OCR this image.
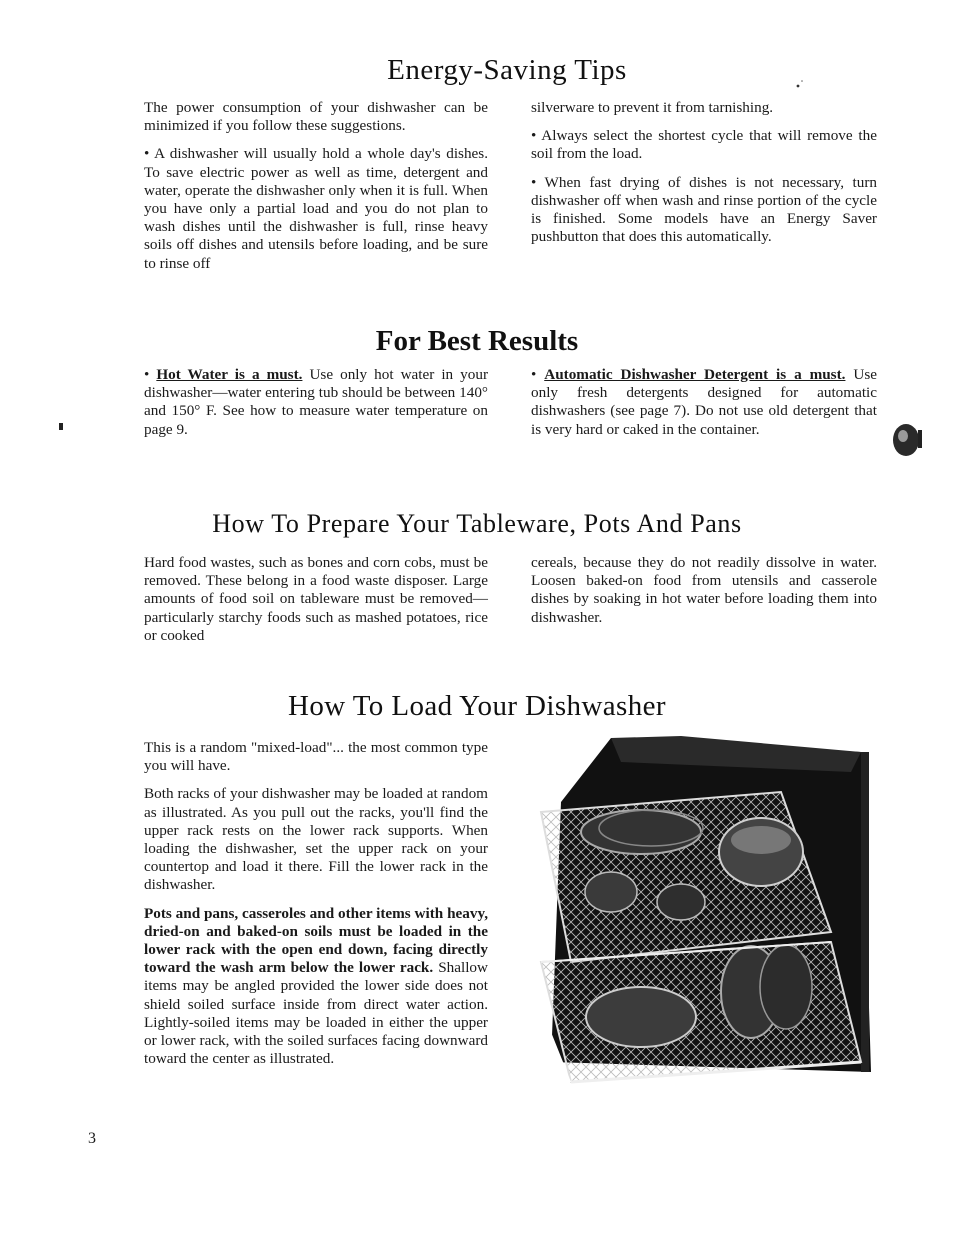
Energy-Saving Tips

The power consumption of your dishwasher can be minimized if you follow these suggestions.

• A dishwasher will usually hold a whole day's dishes. To save electric power as well as time, detergent and water, operate the dishwasher only when it is full. When you have only a partial load and you do not plan to wash dishes until the dishwasher is full, rinse heavy soils off dishes and utensils before loading, and be sure to rinse off

silverware to prevent it from tarnishing.

• Always select the shortest cycle that will remove the soil from the load.

• When fast drying of dishes is not necessary, turn dishwasher off when wash and rinse portion of the cycle is finished. Some models have an Energy Saver pushbutton that does this automatically.

For Best Results

• Hot Water is a must. Use only hot water in your dishwasher—water entering tub should be between 140° and 150° F. See how to measure water temperature on page 9.

• Automatic Dishwasher Detergent is a must. Use only fresh detergents designed for automatic dishwashers (see page 7). Do not use old detergent that is very hard or caked in the container.

How To Prepare Your Tableware, Pots And Pans

Hard food wastes, such as bones and corn cobs, must be removed. These belong in a food waste disposer. Large amounts of food soil on tableware must be removed—particularly starchy foods such as mashed potatoes, rice or cooked

cereals, because they do not readily dissolve in water. Loosen baked-on food from utensils and casserole dishes by soaking in hot water before loading them into dishwasher.

How To Load Your Dishwasher

This is a random "mixed-load"... the most common type you will have.

Both racks of your dishwasher may be loaded at random as illustrated. As you pull out the racks, you'll find the upper rack rests on the lower rack supports. When loading the dishwasher, set the upper rack on your countertop and load it there. Fill the lower rack in the dishwasher.

Pots and pans, casseroles and other items with heavy, dried-on and baked-on soils must be loaded in the lower rack with the open end down, facing directly toward the wash arm below the lower rack. Shallow items may be angled provided the lower side does not shield soiled surface inside from direct water action. Lightly-soiled items may be loaded in either the upper or lower rack, with the soiled surfaces facing downward toward the center as illustrated.

3
